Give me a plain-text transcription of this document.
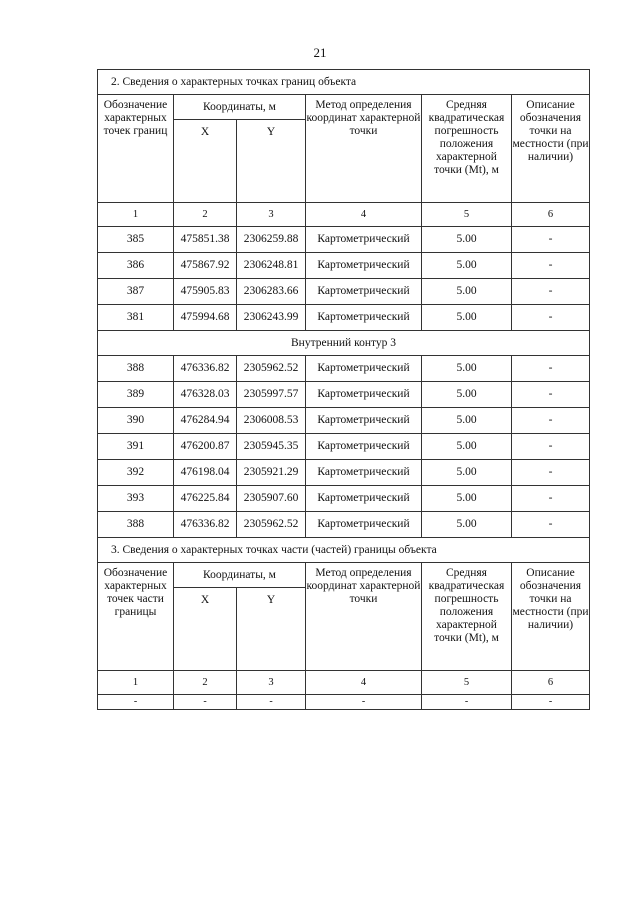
21
2. Сведения о характерных точках границ объекта					
Обозначение характерных точек границ	Координаты, м		Метод определения координат характерной точки	Средняя квадратическая погрешность положения характерной точки (Mt), м	Описание обозначения точки на местности (при наличии)
	X	Y			
1	2	3	4	5	6
385	475851.38	2306259.88	Картометрический	5.00	-
386	475867.92	2306248.81	Картометрический	5.00	-
387	475905.83	2306283.66	Картометрический	5.00	-
381	475994.68	2306243.99	Картометрический	5.00	-
Внутренний контур 3					
388	476336.82	2305962.52	Картометрический	5.00	-
389	476328.03	2305997.57	Картометрический	5.00	-
390	476284.94	2306008.53	Картометрический	5.00	-
391	476200.87	2305945.35	Картометрический	5.00	-
392	476198.04	2305921.29	Картометрический	5.00	-
393	476225.84	2305907.60	Картометрический	5.00	-
388	476336.82	2305962.52	Картометрический	5.00	-
3. Сведения о характерных точках части (частей) границы объекта					
Обозначение характерных точек части границы	Координаты, м		Метод определения координат характерной точки	Средняя квадратическая погрешность положения характерной точки (Mt), м	Описание обозначения точки на местности (при наличии)
	X	Y			
1	2	3	4	5	6
-	-	-	-	-	-
